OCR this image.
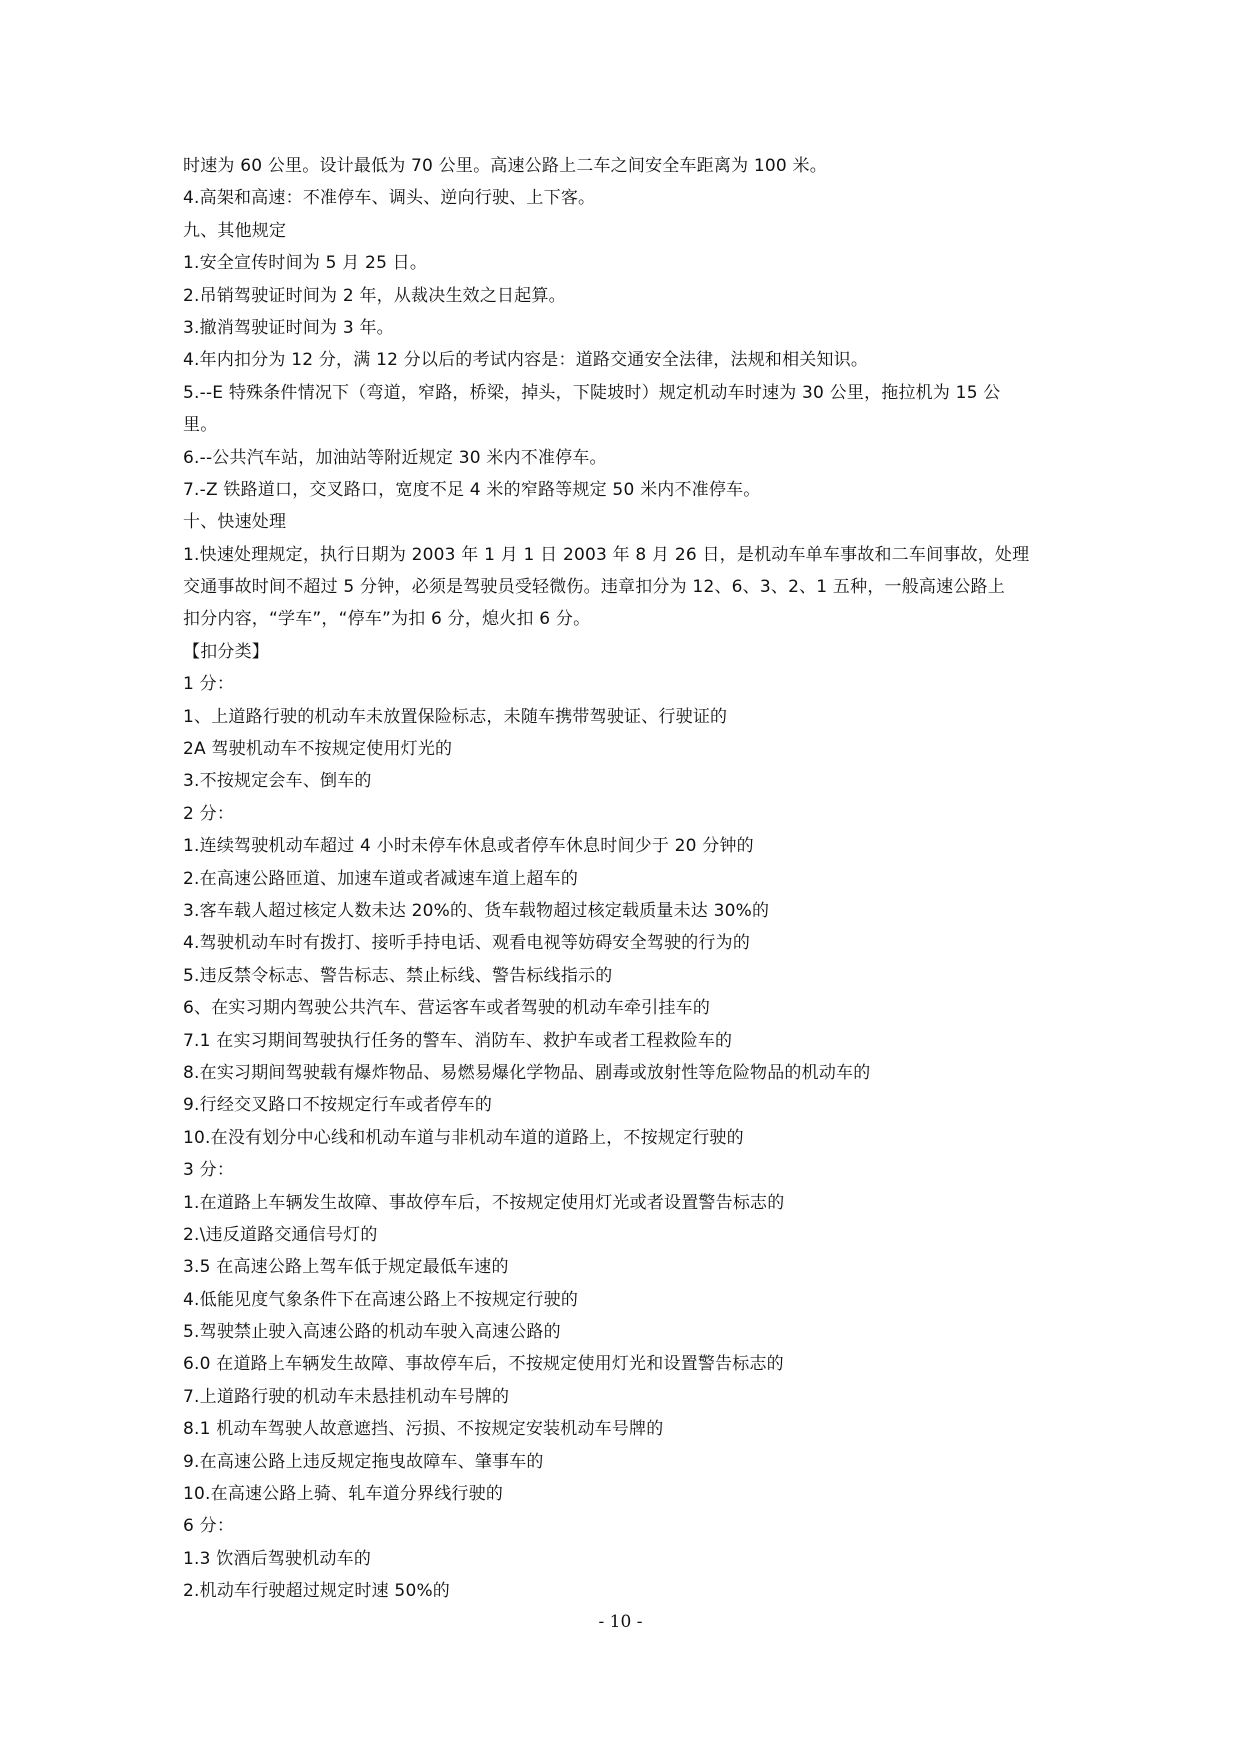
时速为 60 公里。设计最低为 70 公里。高速公路上二车之间安全车距离为 100 米。
4.高架和高速：不准停车、调头、逆向行驶、上下客。
九、其他规定
1.安全宣传时间为 5 月 25 日。
2.吊销驾驶证时间为 2 年，从裁决生效之日起算。
3.撤消驾驶证时间为 3 年。
4.年内扣分为 12 分，满 12 分以后的考试内容是：道路交通安全法律，法规和相关知识。
5.--E 特殊条件情况下（弯道，窄路，桥梁，掉头，下陡坡时）规定机动车时速为 30 公里，拖拉机为 15 公
里。
6.--公共汽车站，加油站等附近规定 30 米内不准停车。
7.-Z 铁路道口，交叉路口，宽度不足 4 米的窄路等规定 50 米内不准停车。
十、快速处理
1.快速处理规定，执行日期为 2003 年 1 月 1 日 2003 年 8 月 26 日，是机动车单车事故和二车间事故，处理
交通事故时间不超过 5 分钟，必须是驾驶员受轻微伤。违章扣分为 12、6、3、2、1 五种，一般高速公路上
扣分内容，“学车”，“停车”为扣 6 分，熄火扣 6 分。
【扣分类】
1 分：
1、上道路行驶的机动车未放置保险标志，未随车携带驾驶证、行驶证的
2A 驾驶机动车不按规定使用灯光的
3.不按规定会车、倒车的
2 分：
1.连续驾驶机动车超过 4 小时未停车休息或者停车休息时间少于 20 分钟的
2.在高速公路匝道、加速车道或者减速车道上超车的
3.客车载人超过核定人数未达 20%的、货车载物超过核定载质量未达 30%的
4.驾驶机动车时有拨打、接听手持电话、观看电视等妨碍安全驾驶的行为的
5.违反禁令标志、警告标志、禁止标线、警告标线指示的
6、在实习期内驾驶公共汽车、营运客车或者驾驶的机动车牵引挂车的
7.1 在实习期间驾驶执行任务的警车、消防车、救护车或者工程救险车的
8.在实习期间驾驶载有爆炸物品、易燃易爆化学物品、剧毒或放射性等危险物品的机动车的
9.行经交叉路口不按规定行车或者停车的
10.在没有划分中心线和机动车道与非机动车道的道路上，不按规定行驶的
3 分：
1.在道路上车辆发生故障、事故停车后，不按规定使用灯光或者设置警告标志的
2.\违反道路交通信号灯的
3.5 在高速公路上驾车低于规定最低车速的
4.低能见度气象条件下在高速公路上不按规定行驶的
5.驾驶禁止驶入高速公路的机动车驶入高速公路的
6.0 在道路上车辆发生故障、事故停车后，不按规定使用灯光和设置警告标志的
7.上道路行驶的机动车未悬挂机动车号牌的
8.1 机动车驾驶人故意遮挡、污损、不按规定安装机动车号牌的
9.在高速公路上违反规定拖曳故障车、肇事车的
10.在高速公路上骑、轧车道分界线行驶的
6 分：
1.3 饮酒后驾驶机动车的
2.机动车行驶超过规定时速 50%的
- 10 -
